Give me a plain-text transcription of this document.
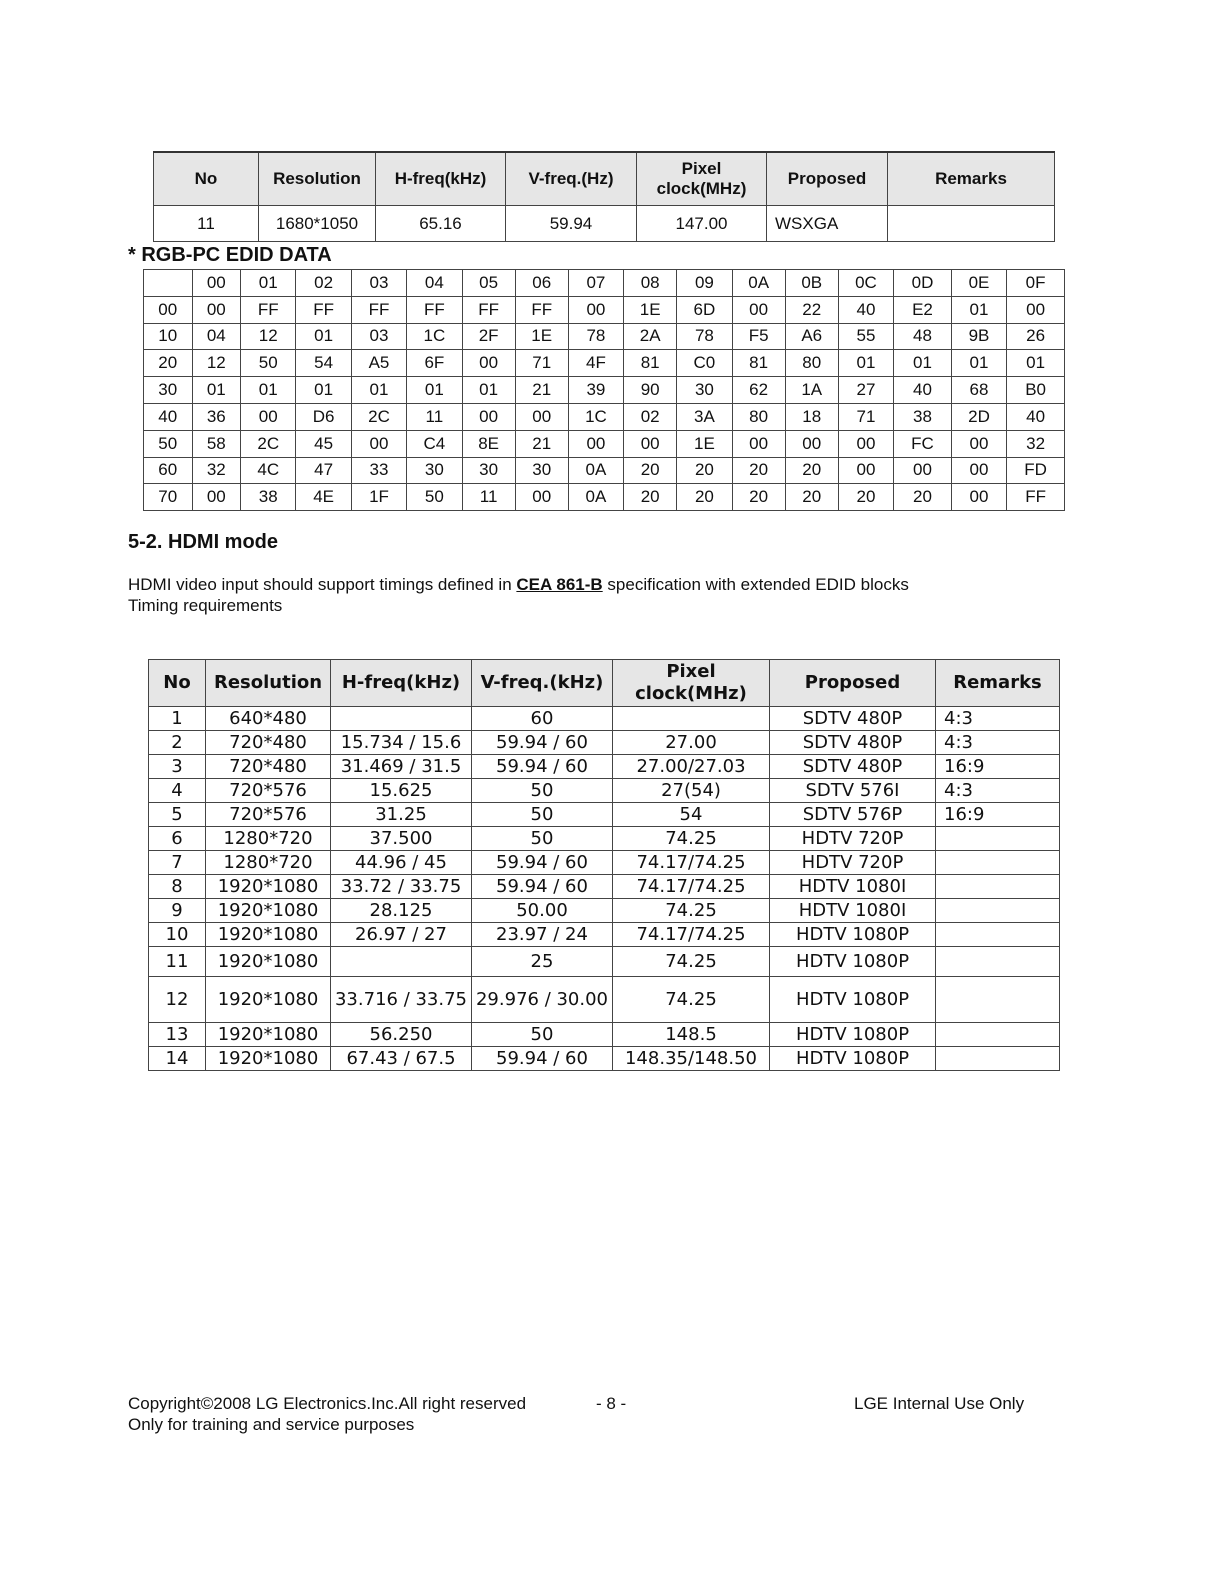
No	Resolution	H-freq(kHz)	V-freq.(Hz)	Pixel clock(MHz)	Proposed	Remarks
11	1680*1050	65.16	59.94	147.00	WSXGA	
* RGB-PC EDID DATA
	00	01	02	03	04	05	06	07	08	09	0A	0B	0C	0D	0E	0F
00	00	FF	FF	FF	FF	FF	FF	00	1E	6D	00	22	40	E2	01	00
10	04	12	01	03	1C	2F	1E	78	2A	78	F5	A6	55	48	9B	26
20	12	50	54	A5	6F	00	71	4F	81	C0	81	80	01	01	01	01
30	01	01	01	01	01	01	21	39	90	30	62	1A	27	40	68	B0
40	36	00	D6	2C	11	00	00	1C	02	3A	80	18	71	38	2D	40
50	58	2C	45	00	C4	8E	21	00	00	1E	00	00	00	FC	00	32
60	32	4C	47	33	30	30	30	0A	20	20	20	20	00	00	00	FD
70	00	38	4E	1F	50	11	00	0A	20	20	20	20	20	20	00	FF
5-2. HDMI mode
HDMI video input should support timings defined in CEA 861-B specification with extended EDID blocks
Timing requirements
No	Resolution	H-freq(kHz)	V-freq.(kHz)	Pixel clock(MHz)	Proposed	Remarks
1	640*480		60		SDTV 480P	4:3
2	720*480	15.734 / 15.6	59.94 / 60	27.00	SDTV 480P	4:3
3	720*480	31.469 / 31.5	59.94 / 60	27.00/27.03	SDTV 480P	16:9
4	720*576	15.625	50	27(54)	SDTV 576I	4:3
5	720*576	31.25	50	54	SDTV 576P	16:9
6	1280*720	37.500	50	74.25	HDTV 720P	
7	1280*720	44.96 / 45	59.94 / 60	74.17/74.25	HDTV 720P	
8	1920*1080	33.72 / 33.75	59.94 / 60	74.17/74.25	HDTV 1080I	
9	1920*1080	28.125	50.00	74.25	HDTV 1080I	
10	1920*1080	26.97 / 27	23.97 / 24	74.17/74.25	HDTV 1080P	
11	1920*1080		25	74.25	HDTV 1080P	
12	1920*1080	33.716 / 33.75	29.976 / 30.00	74.25	HDTV 1080P	
13	1920*1080	56.250	50	148.5	HDTV 1080P	
14	1920*1080	67.43 / 67.5	59.94 / 60	148.35/148.50	HDTV 1080P	
Copyright©2008 LG Electronics.Inc.All right reserved	- 8 -	LGE Internal Use Only
Only for training and service purposes
